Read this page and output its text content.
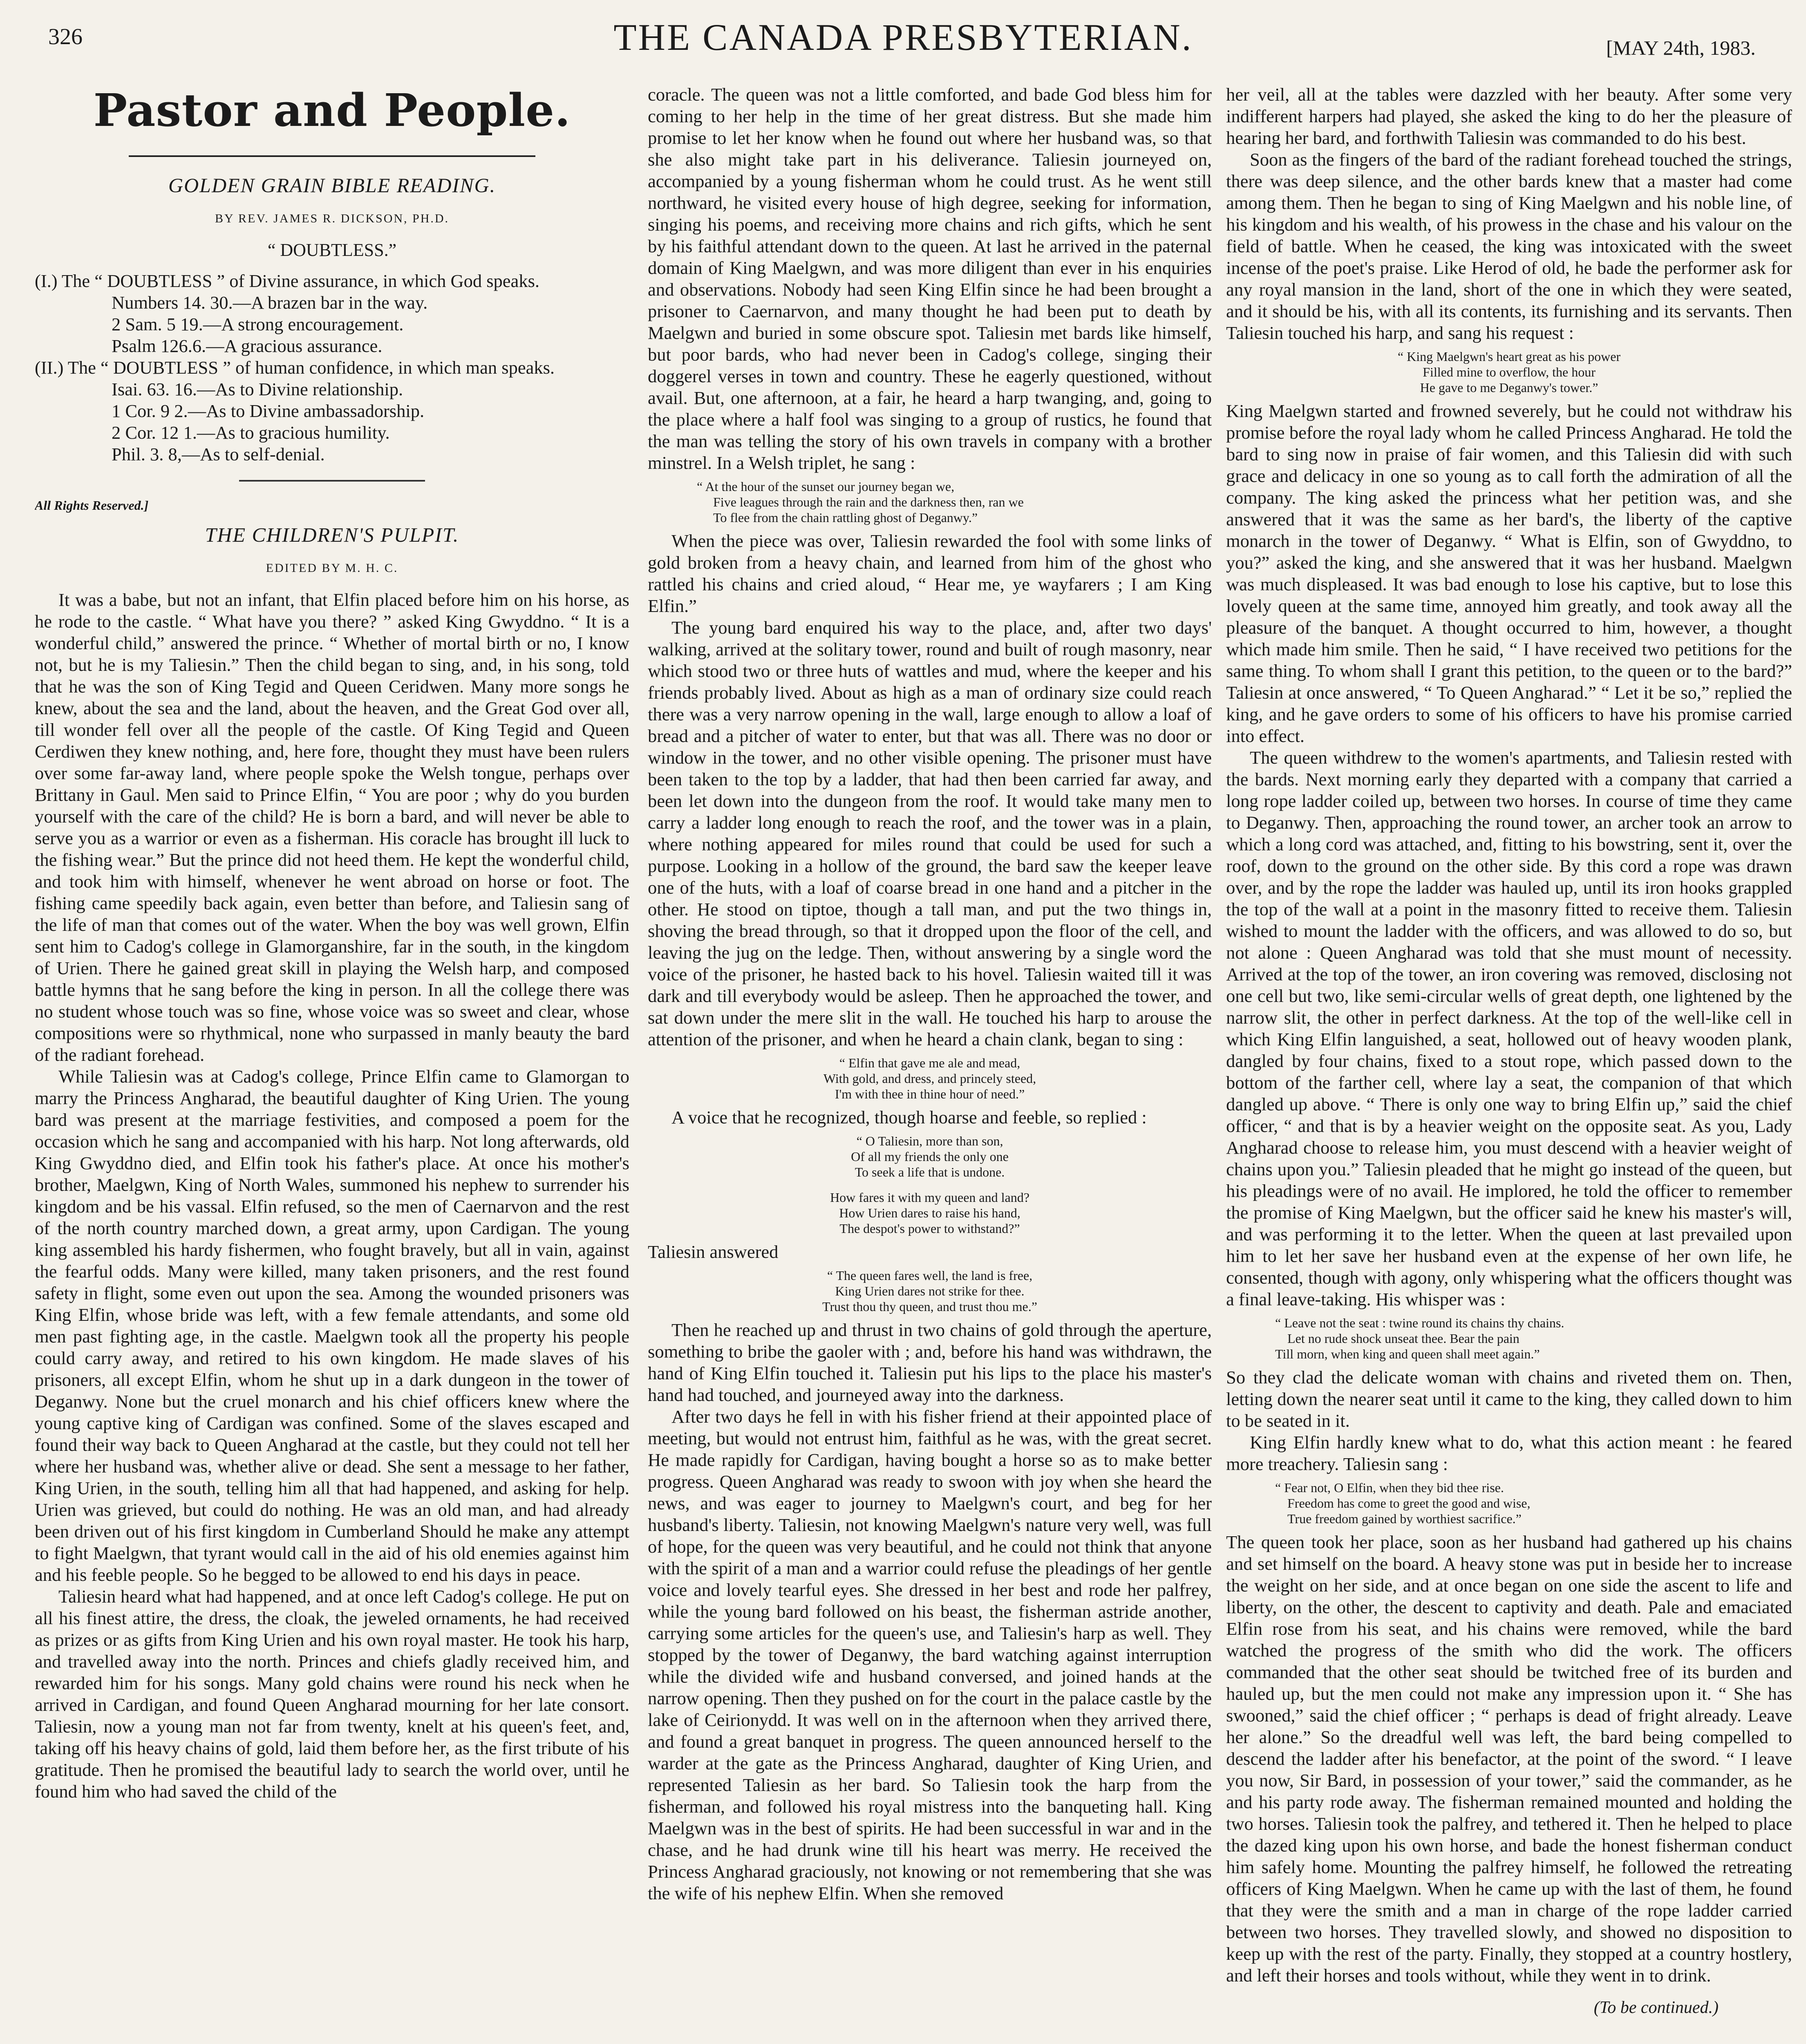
326	THE CANADA PRESBYTERIAN.	[MAY 24th, 1983.
Pastor and People.
GOLDEN GRAIN BIBLE READING.
BY REV. JAMES R. DICKSON, PH.D.
“ DOUBTLESS.”

(I.) The “ DOUBTLESS ” of Divine assurance, in which God speaks.

Numbers 14. 30.—A brazen bar in the way.

2 Sam. 5 19.—A strong encouragement.

Psalm 126.6.—A gracious assurance.

(II.) The “ DOUBTLESS ” of human confidence, in which man speaks.

Isai. 63. 16.—As to Divine relationship.

1 Cor. 9 2.—As to Divine ambassadorship.

2 Cor. 12 1.—As to gracious humility.

Phil. 3. 8,—As to self-denial.

All Rights Reserved.]
THE CHILDREN'S PULPIT.
EDITED BY M. H. C.

It was a babe, but not an infant, that Elfin placed before him on his horse, as he rode to the castle. “ What have you there? ” asked King Gwyddno. “ It is a wonderful child,” answered the prince. “ Whether of mortal birth or no, I know not, but he is my Taliesin.” Then the child began to sing, and, in his song, told that he was the son of King Tegid and Queen Ceridwen. Many more songs he knew, about the sea and the land, about the heaven, and the Great God over all, till wonder fell over all the people of the castle. Of King Tegid and Queen Cerdiwen they knew nothing, and, here fore, thought they must have been rulers over some far-away land, where people spoke the Welsh tongue, perhaps over Brittany in Gaul. Men said to Prince Elfin, “ You are poor ; why do you burden yourself with the care of the child? He is born a bard, and will never be able to serve you as a warrior or even as a fisherman. His coracle has brought ill luck to the fishing wear.” But the prince did not heed them. He kept the wonderful child, and took him with himself, whenever he went abroad on horse or foot. The fishing came speedily back again, even better than before, and Taliesin sang of the life of man that comes out of the water. When the boy was well grown, Elfin sent him to Cadog's college in Glamorganshire, far in the south, in the kingdom of Urien. There he gained great skill in playing the Welsh harp, and composed battle hymns that he sang before the king in person. In all the college there was no student whose touch was so fine, whose voice was so sweet and clear, whose compositions were so rhythmical, none who surpassed in manly beauty the bard of the radiant forehead.

While Taliesin was at Cadog's college, Prince Elfin came to Glamorgan to marry the Princess Angharad, the beautiful daughter of King Urien. The young bard was present at the marriage festivities, and composed a poem for the occasion which he sang and accompanied with his harp. Not long afterwards, old King Gwyddno died, and Elfin took his father's place. At once his mother's brother, Maelgwn, King of North Wales, summoned his nephew to surrender his kingdom and be his vassal. Elfin refused, so the men of Caernarvon and the rest of the north country marched down, a great army, upon Cardigan. The young king assembled his hardy fishermen, who fought bravely, but all in vain, against the fearful odds. Many were killed, many taken prisoners, and the rest found safety in flight, some even out upon the sea. Among the wounded prisoners was King Elfin, whose bride was left, with a few female attendants, and some old men past fighting age, in the castle. Maelgwn took all the property his people could carry away, and retired to his own kingdom. He made slaves of his prisoners, all except Elfin, whom he shut up in a dark dungeon in the tower of Deganwy. None but the cruel monarch and his chief officers knew where the young captive king of Cardigan was confined. Some of the slaves escaped and found their way back to Queen Angharad at the castle, but they could not tell her where her husband was, whether alive or dead. She sent a message to her father, King Urien, in the south, telling him all that had happened, and asking for help. Urien was grieved, but could do nothing. He was an old man, and had already been driven out of his first kingdom in Cumberland Should he make any attempt to fight Maelgwn, that tyrant would call in the aid of his old enemies against him and his feeble people. So he begged to be allowed to end his days in peace.

Taliesin heard what had happened, and at once left Cadog's college. He put on all his finest attire, the dress, the cloak, the jeweled ornaments, he had received as prizes or as gifts from King Urien and his own royal master. He took his harp, and travelled away into the north. Princes and chiefs gladly received him, and rewarded him for his songs. Many gold chains were round his neck when he arrived in Cardigan, and found Queen Angharad mourning for her late consort. Taliesin, now a young man not far from twenty, knelt at his queen's feet, and, taking off his heavy chains of gold, laid them before her, as the first tribute of his gratitude. Then he promised the beautiful lady to search the world over, until he found him who had saved the child of the

coracle. The queen was not a little comforted, and bade God bless him for coming to her help in the time of her great distress. But she made him promise to let her know when he found out where her husband was, so that she also might take part in his deliverance. Taliesin journeyed on, accompanied by a young fisherman whom he could trust. As he went still northward, he visited every house of high degree, seeking for information, singing his poems, and receiving more chains and rich gifts, which he sent by his faithful attendant down to the queen. At last he arrived in the paternal domain of King Maelgwn, and was more diligent than ever in his enquiries and observations. Nobody had seen King Elfin since he had been brought a prisoner to Caernarvon, and many thought he had been put to death by Maelgwn and buried in some obscure spot. Taliesin met bards like himself, but poor bards, who had never been in Cadog's college, singing their doggerel verses in town and country. These he eagerly questioned, without avail. But, one afternoon, at a fair, he heard a harp twanging, and, going to the place where a half fool was singing to a group of rustics, he found that the man was telling the story of his own travels in company with a brother minstrel. In a Welsh triplet, he sang :

“ At the hour of the sunset our journey began we,
Five leagues through the rain and the darkness then, ran we
To flee from the chain rattling ghost of Deganwy.”

When the piece was over, Taliesin rewarded the fool with some links of gold broken from a heavy chain, and learned from him of the ghost who rattled his chains and cried aloud, “ Hear me, ye wayfarers ; I am King Elfin.”

The young bard enquired his way to the place, and, after two days' walking, arrived at the solitary tower, round and built of rough masonry, near which stood two or three huts of wattles and mud, where the keeper and his friends probably lived. About as high as a man of ordinary size could reach there was a very narrow opening in the wall, large enough to allow a loaf of bread and a pitcher of water to enter, but that was all. There was no door or window in the tower, and no other visible opening. The prisoner must have been taken to the top by a ladder, that had then been carried far away, and been let down into the dungeon from the roof. It would take many men to carry a ladder long enough to reach the roof, and the tower was in a plain, where nothing appeared for miles round that could be used for such a purpose. Looking in a hollow of the ground, the bard saw the keeper leave one of the huts, with a loaf of coarse bread in one hand and a pitcher in the other. He stood on tiptoe, though a tall man, and put the two things in, shoving the bread through, so that it dropped upon the floor of the cell, and leaving the jug on the ledge. Then, without answering by a single word the voice of the prisoner, he hasted back to his hovel. Taliesin waited till it was dark and till everybody would be asleep. Then he approached the tower, and sat down under the mere slit in the wall. He touched his harp to arouse the attention of the prisoner, and when he heard a chain clank, began to sing :

“ Elfin that gave me ale and mead,
With gold, and dress, and princely steed,
I'm with thee in thine hour of need.”

A voice that he recognized, though hoarse and feeble, so replied :

“ O Taliesin, more than son,
Of all my friends the only one
To seek a life that is undone.
How fares it with my queen and land?
How Urien dares to raise his hand,
The despot's power to withstand?”

Taliesin answered

“ The queen fares well, the land is free,
King Urien dares not strike for thee.
Trust thou thy queen, and trust thou me.”

Then he reached up and thrust in two chains of gold through the aperture, something to bribe the gaoler with ; and, before his hand was withdrawn, the hand of King Elfin touched it. Taliesin put his lips to the place his master's hand had touched, and journeyed away into the darkness.

After two days he fell in with his fisher friend at their appointed place of meeting, but would not entrust him, faithful as he was, with the great secret. He made rapidly for Cardigan, having bought a horse so as to make better progress. Queen Angharad was ready to swoon with joy when she heard the news, and was eager to journey to Maelgwn's court, and beg for her husband's liberty. Taliesin, not knowing Maelgwn's nature very well, was full of hope, for the queen was very beautiful, and he could not think that anyone with the spirit of a man and a warrior could refuse the pleadings of her gentle voice and lovely tearful eyes. She dressed in her best and rode her palfrey, while the young bard followed on his beast, the fisherman astride another, carrying some articles for the queen's use, and Taliesin's harp as well. They stopped by the tower of Deganwy, the bard watching against interruption while the divided wife and husband conversed, and joined hands at the narrow opening. Then they pushed on for the court in the palace castle by the lake of Ceirionydd. It was well on in the afternoon when they arrived there, and found a great banquet in progress. The queen announced herself to the warder at the gate as the Princess Angharad, daughter of King Urien, and represented Taliesin as her bard. So Taliesin took the harp from the fisherman, and followed his royal mistress into the banqueting hall. King Maelgwn was in the best of spirits. He had been successful in war and in the chase, and he had drunk wine till his heart was merry. He received the Princess Angharad graciously, not knowing or not remembering that she was the wife of his nephew Elfin. When she removed

her veil, all at the tables were dazzled with her beauty. After some very indifferent harpers had played, she asked the king to do her the pleasure of hearing her bard, and forthwith Taliesin was commanded to do his best.

Soon as the fingers of the bard of the radiant forehead touched the strings, there was deep silence, and the other bards knew that a master had come among them. Then he began to sing of King Maelgwn and his noble line, of his kingdom and his wealth, of his prowess in the chase and his valour on the field of battle. When he ceased, the king was intoxicated with the sweet incense of the poet's praise. Like Herod of old, he bade the performer ask for any royal mansion in the land, short of the one in which they were seated, and it should be his, with all its contents, its furnishing and its servants. Then Taliesin touched his harp, and sang his request :

“ King Maelgwn's heart great as his power
Filled mine to overflow, the hour
He gave to me Deganwy's tower.”

King Maelgwn started and frowned severely, but he could not withdraw his promise before the royal lady whom he called Princess Angharad. He told the bard to sing now in praise of fair women, and this Taliesin did with such grace and delicacy in one so young as to call forth the admiration of all the company. The king asked the princess what her petition was, and she answered that it was the same as her bard's, the liberty of the captive monarch in the tower of Deganwy. “ What is Elfin, son of Gwyddno, to you?” asked the king, and she answered that it was her husband. Maelgwn was much displeased. It was bad enough to lose his captive, but to lose this lovely queen at the same time, annoyed him greatly, and took away all the pleasure of the banquet. A thought occurred to him, however, a thought which made him smile. Then he said, “ I have received two petitions for the same thing. To whom shall I grant this petition, to the queen or to the bard?” Taliesin at once answered, “ To Queen Angharad.” “ Let it be so,” replied the king, and he gave orders to some of his officers to have his promise carried into effect.

The queen withdrew to the women's apartments, and Taliesin rested with the bards. Next morning early they departed with a company that carried a long rope ladder coiled up, between two horses. In course of time they came to Deganwy. Then, approaching the round tower, an archer took an arrow to which a long cord was attached, and, fitting to his bowstring, sent it, over the roof, down to the ground on the other side. By this cord a rope was drawn over, and by the rope the ladder was hauled up, until its iron hooks grappled the top of the wall at a point in the masonry fitted to receive them. Taliesin wished to mount the ladder with the officers, and was allowed to do so, but not alone : Queen Angharad was told that she must mount of necessity. Arrived at the top of the tower, an iron covering was removed, disclosing not one cell but two, like semi-circular wells of great depth, one lightened by the narrow slit, the other in perfect darkness. At the top of the well-like cell in which King Elfin languished, a seat, hollowed out of heavy wooden plank, dangled by four chains, fixed to a stout rope, which passed down to the bottom of the farther cell, where lay a seat, the companion of that which dangled up above. “ There is only one way to bring Elfin up,” said the chief officer, “ and that is by a heavier weight on the opposite seat. As you, Lady Angharad choose to release him, you must descend with a heavier weight of chains upon you.” Taliesin pleaded that he might go instead of the queen, but his pleadings were of no avail. He implored, he told the officer to remember the promise of King Maelgwn, but the officer said he knew his master's will, and was performing it to the letter. When the queen at last prevailed upon him to let her save her husband even at the expense of her own life, he consented, though with agony, only whispering what the officers thought was a final leave-taking. His whisper was :

“ Leave not the seat : twine round its chains thy chains.
Let no rude shock unseat thee. Bear the pain
Till morn, when king and queen shall meet again.”

So they clad the delicate woman with chains and riveted them on. Then, letting down the nearer seat until it came to the king, they called down to him to be seated in it.

King Elfin hardly knew what to do, what this action meant : he feared more treachery. Taliesin sang :

“ Fear not, O Elfin, when they bid thee rise.
Freedom has come to greet the good and wise,
True freedom gained by worthiest sacrifice.”

The queen took her place, soon as her husband had gathered up his chains and set himself on the board. A heavy stone was put in beside her to increase the weight on her side, and at once began on one side the ascent to life and liberty, on the other, the descent to captivity and death. Pale and emaciated Elfin rose from his seat, and his chains were removed, while the bard watched the progress of the smith who did the work. The officers commanded that the other seat should be twitched free of its burden and hauled up, but the men could not make any impression upon it. “ She has swooned,” said the chief officer ; “ perhaps is dead of fright already. Leave her alone.” So the dreadful well was left, the bard being compelled to descend the ladder after his benefactor, at the point of the sword. “ I leave you now, Sir Bard, in possession of your tower,” said the commander, as he and his party rode away. The fisherman remained mounted and holding the two horses. Taliesin took the palfrey, and tethered it. Then he helped to place the dazed king upon his own horse, and bade the honest fisherman conduct him safely home. Mounting the palfrey himself, he followed the retreating officers of King Maelgwn. When he came up with the last of them, he found that they were the smith and a man in charge of the rope ladder carried between two horses. They travelled slowly, and showed no disposition to keep up with the rest of the party. Finally, they stopped at a country hostlery, and left their horses and tools without, while they went in to drink.

(To be continued.)
